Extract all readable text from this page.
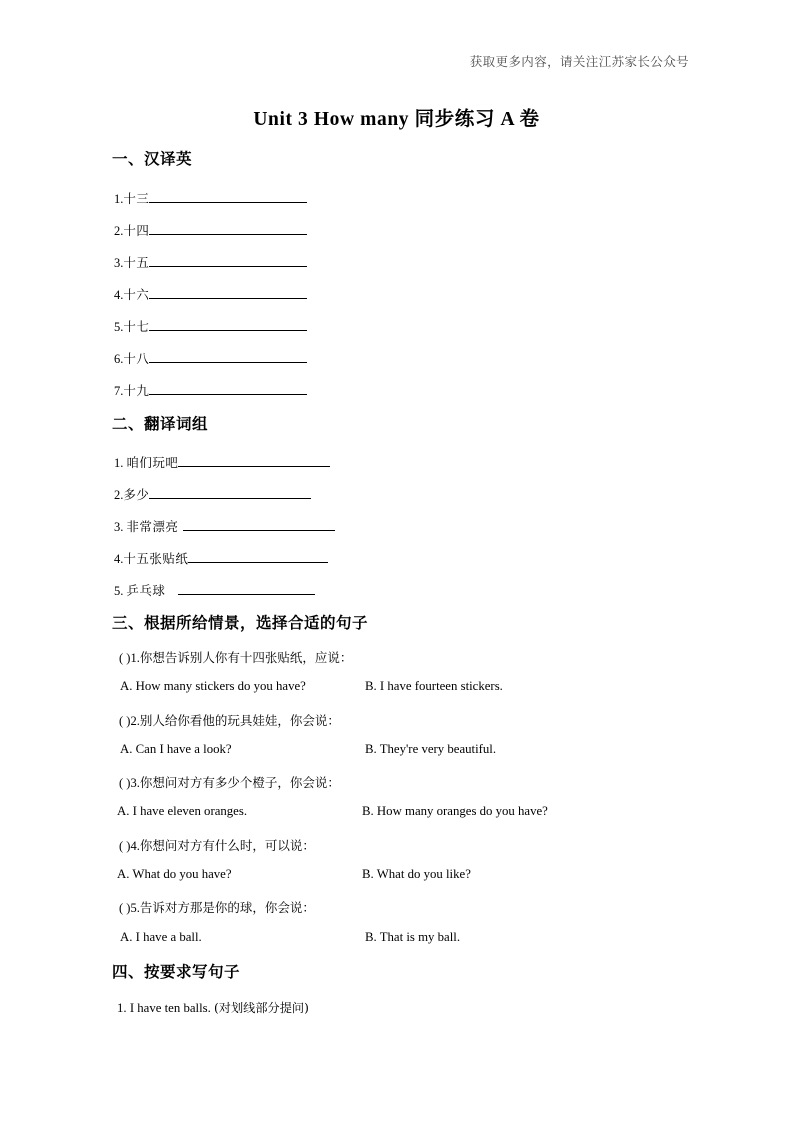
获取更多内容，请关注江苏家长公众号
Unit 3 How many 同步练习 A 卷
一、汉译英
1. 十三
2. 十四
3. 十五
4. 十六
5. 十七
6. 十八
7. 十九
二、翻译词组
1. 咱们玩吧
2. 多少
3. 非常漂亮
4. 十五张贴纸
5. 乒乓球
三、根据所给情景，选择合适的句子
( )1.你想告诉别人你有十四张贴纸，应说：
A. How many stickers do you have?	B. I have fourteen stickers.
( )2.别人给你看他的玩具娃娃，你会说：
A. Can I have a look?	B. They're very beautiful.
( )3.你想问对方有多少个橙子，你会说：
A. I have eleven oranges.	B. How many oranges do you have?
( )4.你想问对方有什么时，可以说：
A. What do you have?	B. What do you like?
( )5.告诉对方那是你的球，你会说：
A. I have a ball.	B. That is my ball.
四、按要求写句子
1. I have ten balls. (对划线部分提问)
